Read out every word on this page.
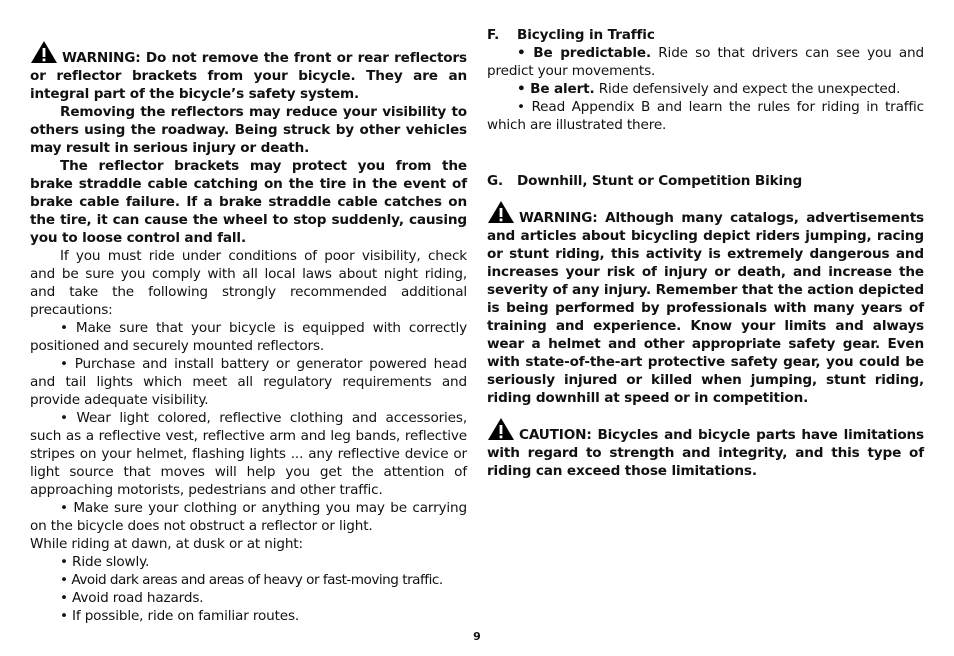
WARNING: Do not remove the front or rear reflectors or reflector brackets from your bicycle. They are an integral part of the bicycle’s safety system.

Removing the reflectors may reduce your visibility to others using the roadway. Being struck by other vehicles may result in serious injury or death.

The reflector brackets may protect you from the brake straddle cable catching on the tire in the event of brake cable failure. If a brake straddle cable catches on the tire, it can cause the wheel to stop suddenly, causing you to loose control and fall.

If you must ride under conditions of poor visibility, check and be sure you comply with all local laws about night riding, and take the following strongly recommended additional precautions:

• Make sure that your bicycle is equipped with correctly positioned and securely mounted reflectors.

• Purchase and install battery or generator powered head and tail lights which meet all regulatory requirements and provide adequate visibility.

• Wear light colored, reflective clothing and accessories, such as a reflective vest, reflective arm and leg bands, reflective stripes on your helmet, flashing lights ... any reflective device or light source that moves will help you get the attention of approaching motorists, pedestrians and other traffic.

• Make sure your clothing or anything you may be carrying on the bicycle does not obstruct a reflector or light.

While riding at dawn, at dusk or at night:

• Ride slowly.

• Avoid dark areas and areas of heavy or fast-moving traffic.

• Avoid road hazards.

• If possible, ride on familiar routes.

F. Bicycling in Traffic

• Be predictable. Ride so that drivers can see you and predict your movements.

• Be alert. Ride defensively and expect the unexpected.

• Read Appendix B and learn the rules for riding in traffic which are illustrated there.

G. Downhill, Stunt or Competition Biking

WARNING: Although many catalogs, advertisements and articles about bicycling depict riders jumping, racing or stunt riding, this activity is extremely dangerous and increases your risk of injury or death, and increase the severity of any injury. Remember that the action depicted is being performed by professionals with many years of training and experience. Know your limits and always wear a helmet and other appropriate safety gear. Even with state-of-the-art protective safety gear, you could be seriously injured or killed when jumping, stunt riding, riding downhill at speed or in competition.

CAUTION: Bicycles and bicycle parts have limitations with regard to strength and integrity, and this type of riding can exceed those limitations.

9
